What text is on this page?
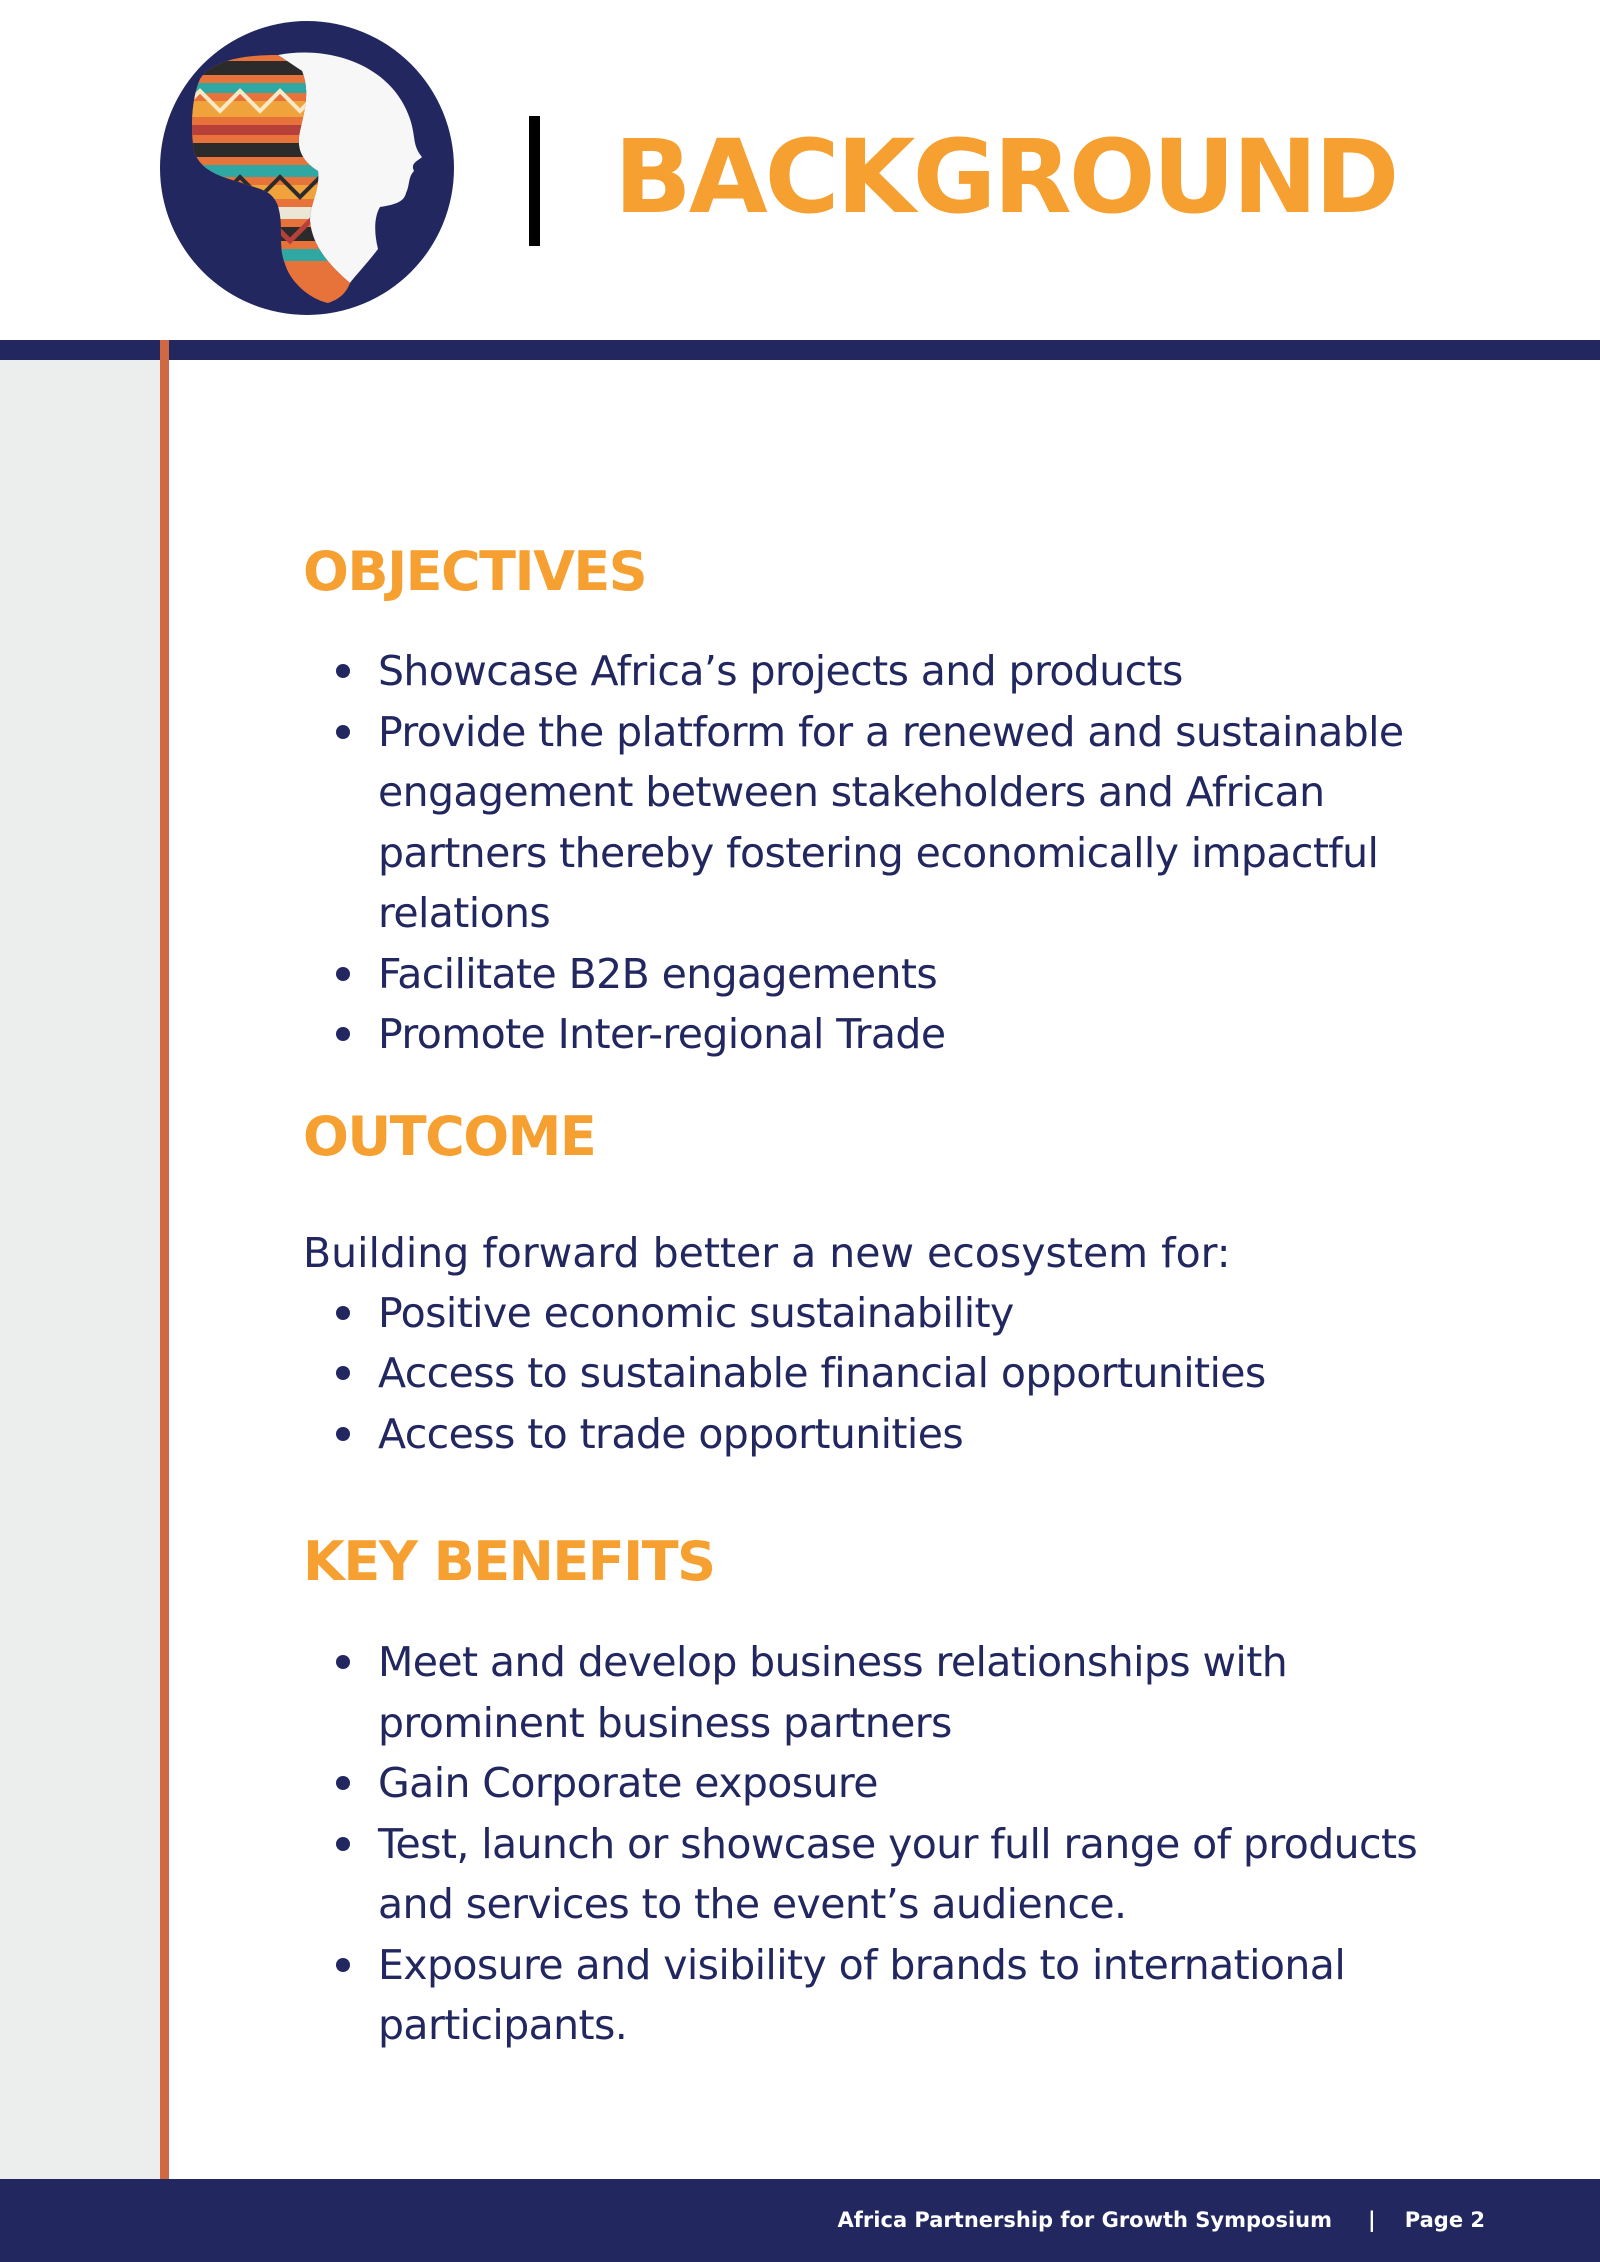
BACKGROUND
OBJECTIVES
Showcase Africa’s projects and products
Provide the platform for a renewed and sustainable engagement between stakeholders and African partners thereby fostering economically impactful relations
Facilitate B2B engagements
Promote Inter-regional Trade
OUTCOME

Building forward better a new ecosystem for:

Positive economic sustainability
Access to sustainable financial opportunities
Access to trade opportunities
KEY BENEFITS
Meet and develop business relationships with prominent business partners
Gain Corporate exposure
Test, launch or showcase your full range of products and services to the event’s audience.
Exposure and visibility of brands to international participants.
Africa Partnership for Growth Symposium | Page 2
